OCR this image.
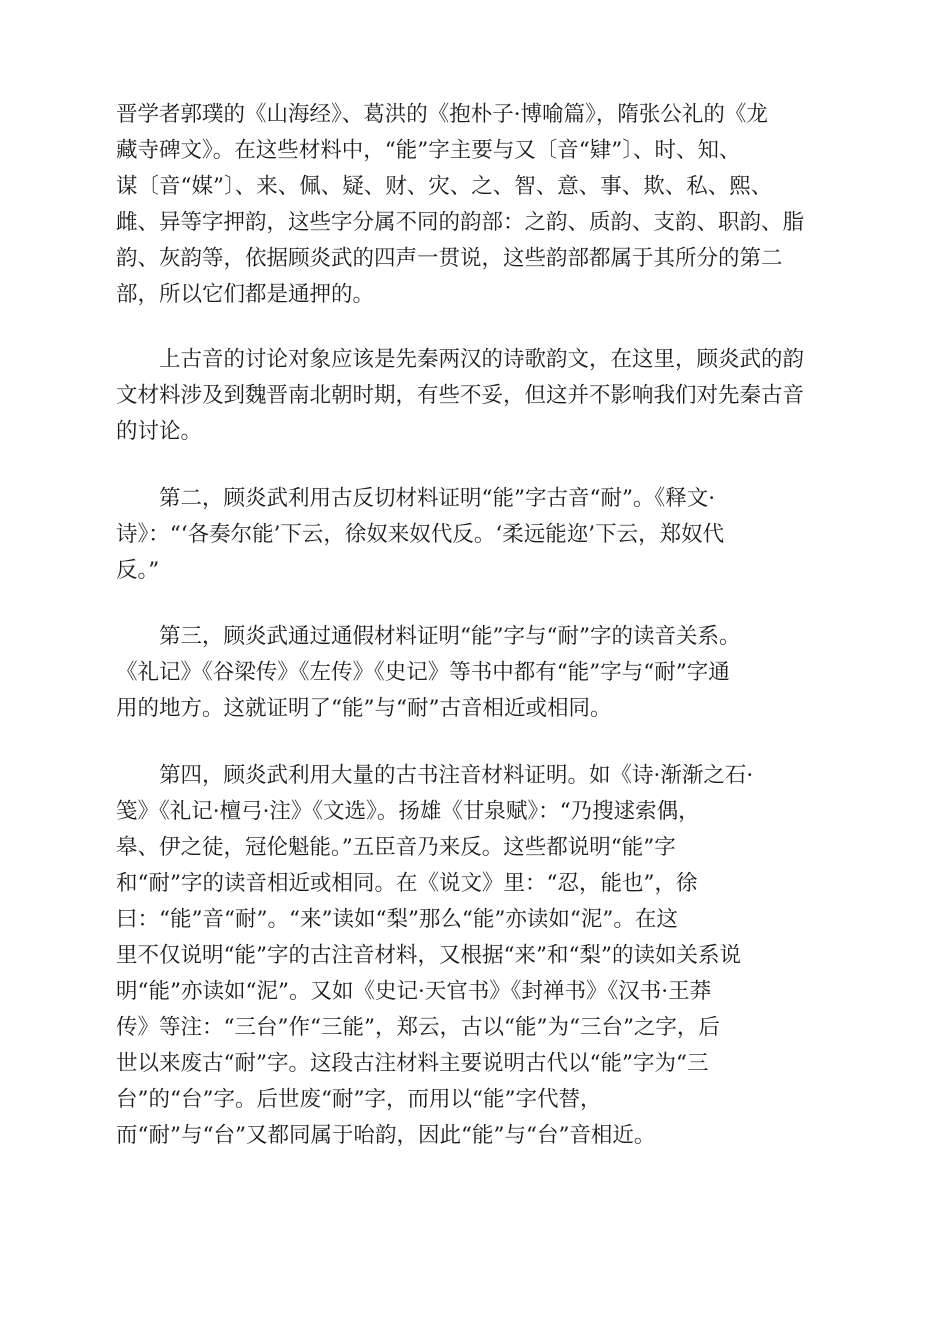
晋学者郭璞的《山海经》、葛洪的《抱朴子·博喻篇》，隋张公礼的《龙
藏寺碑文》。在这些材料中，“能”字主要与又〔音“肄”〕、时、知、
谋〔音“媒”〕、来、佩、疑、财、灾、之、智、意、事、欺、私、熙、
雌、异等字押韵，这些字分属不同的韵部：之韵、质韵、支韵、职韵、脂
韵、灰韵等，依据顾炎武的四声一贯说，这些韵部都属于其所分的第二
部，所以它们都是通押的。
上古音的讨论对象应该是先秦两汉的诗歌韵文，在这里，顾炎武的韵
文材料涉及到魏晋南北朝时期，有些不妥，但这并不影响我们对先秦古音
的讨论。
第二，顾炎武利用古反切材料证明“能”字古音“耐”。《释文·
诗》：“‘各奏尔能’下云，徐奴来奴代反。‘柔远能迩’下云，郑奴代
反。”
第三，顾炎武通过通假材料证明“能”字与“耐”字的读音关系。
《礼记》《谷梁传》《左传》《史记》等书中都有“能”字与“耐”字通
用的地方。这就证明了“能”与“耐”古音相近或相同。
第四，顾炎武利用大量的古书注音材料证明。如《诗·渐渐之石·
笺》《礼记·檀弓·注》《文选》。扬雄《甘泉赋》：“乃搜逑索偶，
皋、伊之徒，冠伦魁能。”五臣音乃来反。这些都说明“能”字
和“耐”字的读音相近或相同。在《说文》里：“忍，能也”，徐
曰：“能”音“耐”。“来”读如“梨”那么“能”亦读如“泥”。在这
里不仅说明“能”字的古注音材料，又根据“来”和“梨”的读如关系说
明“能”亦读如“泥”。又如《史记·天官书》《封禅书》《汉书·王莽
传》等注：“三台”作“三能”，郑云，古以“能”为“三台”之字，后
世以来废古“耐”字。这段古注材料主要说明古代以“能”字为“三
台”的“台”字。后世废“耐”字，而用以“能”字代替，
而“耐”与“台”又都同属于咍韵，因此“能”与“台”音相近。
